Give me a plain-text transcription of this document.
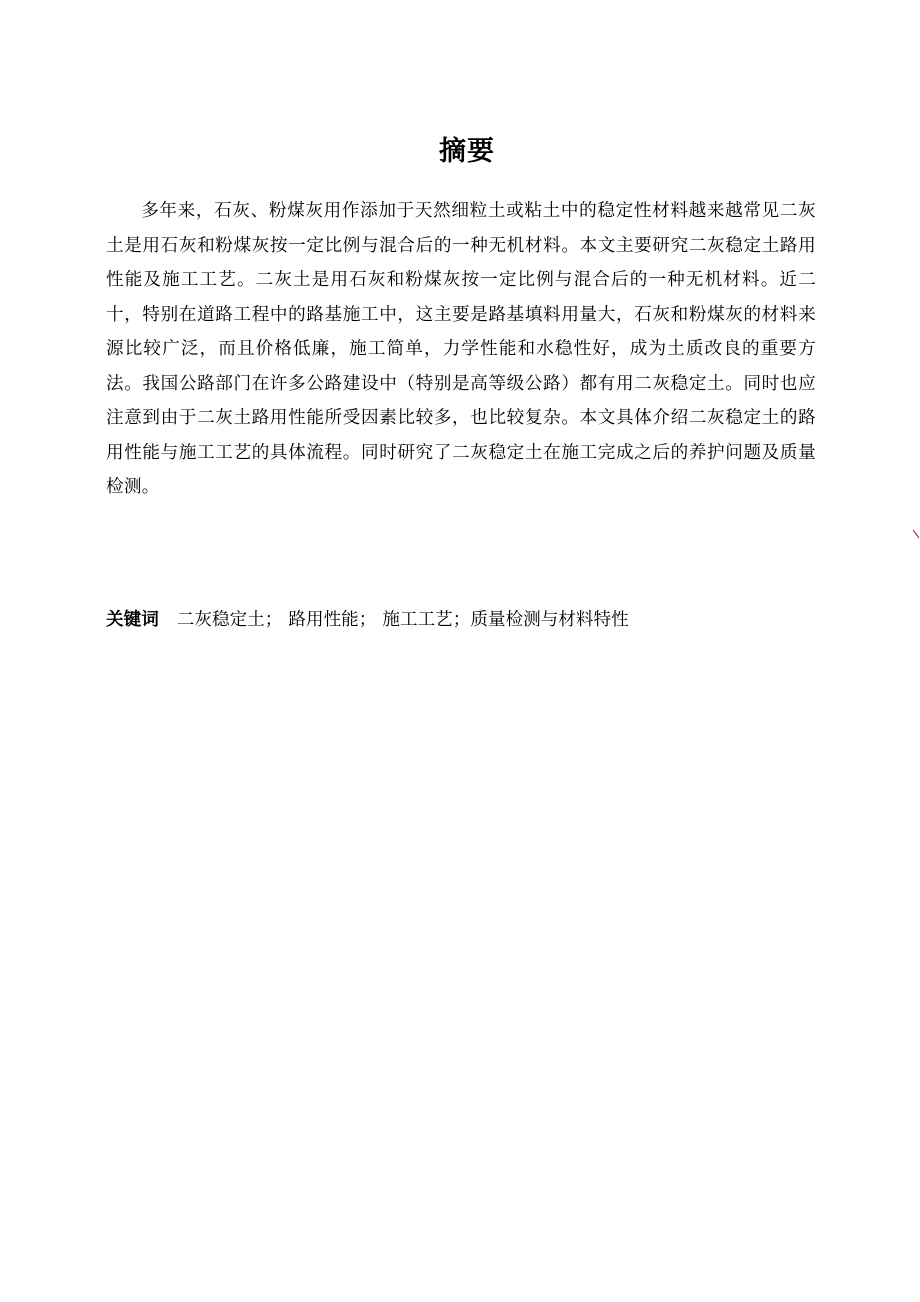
摘要

多年来，石灰、粉煤灰用作添加于天然细粒土或粘土中的稳定性材料越来越常见二灰土是用石灰和粉煤灰按一定比例与混合后的一种无机材料。本文主要研究二灰稳定土路用性能及施工工艺。二灰土是用石灰和粉煤灰按一定比例与混合后的一种无机材料。近二十，特别在道路工程中的路基施工中，这主要是路基填料用量大，石灰和粉煤灰的材料来源比较广泛，而且价格低廉，施工简单，力学性能和水稳性好，成为土质改良的重要方法。我国公路部门在许多公路建设中（特别是高等级公路）都有用二灰稳定土。同时也应注意到由于二灰土路用性能所受因素比较多，也比较复杂。本文具体介绍二灰稳定土的路用性能与施工工艺的具体流程。同时研究了二灰稳定土在施工完成之后的养护问题及质量检测。

关键词 二灰稳定土； 路用性能； 施工工艺；质量检测与材料特性
